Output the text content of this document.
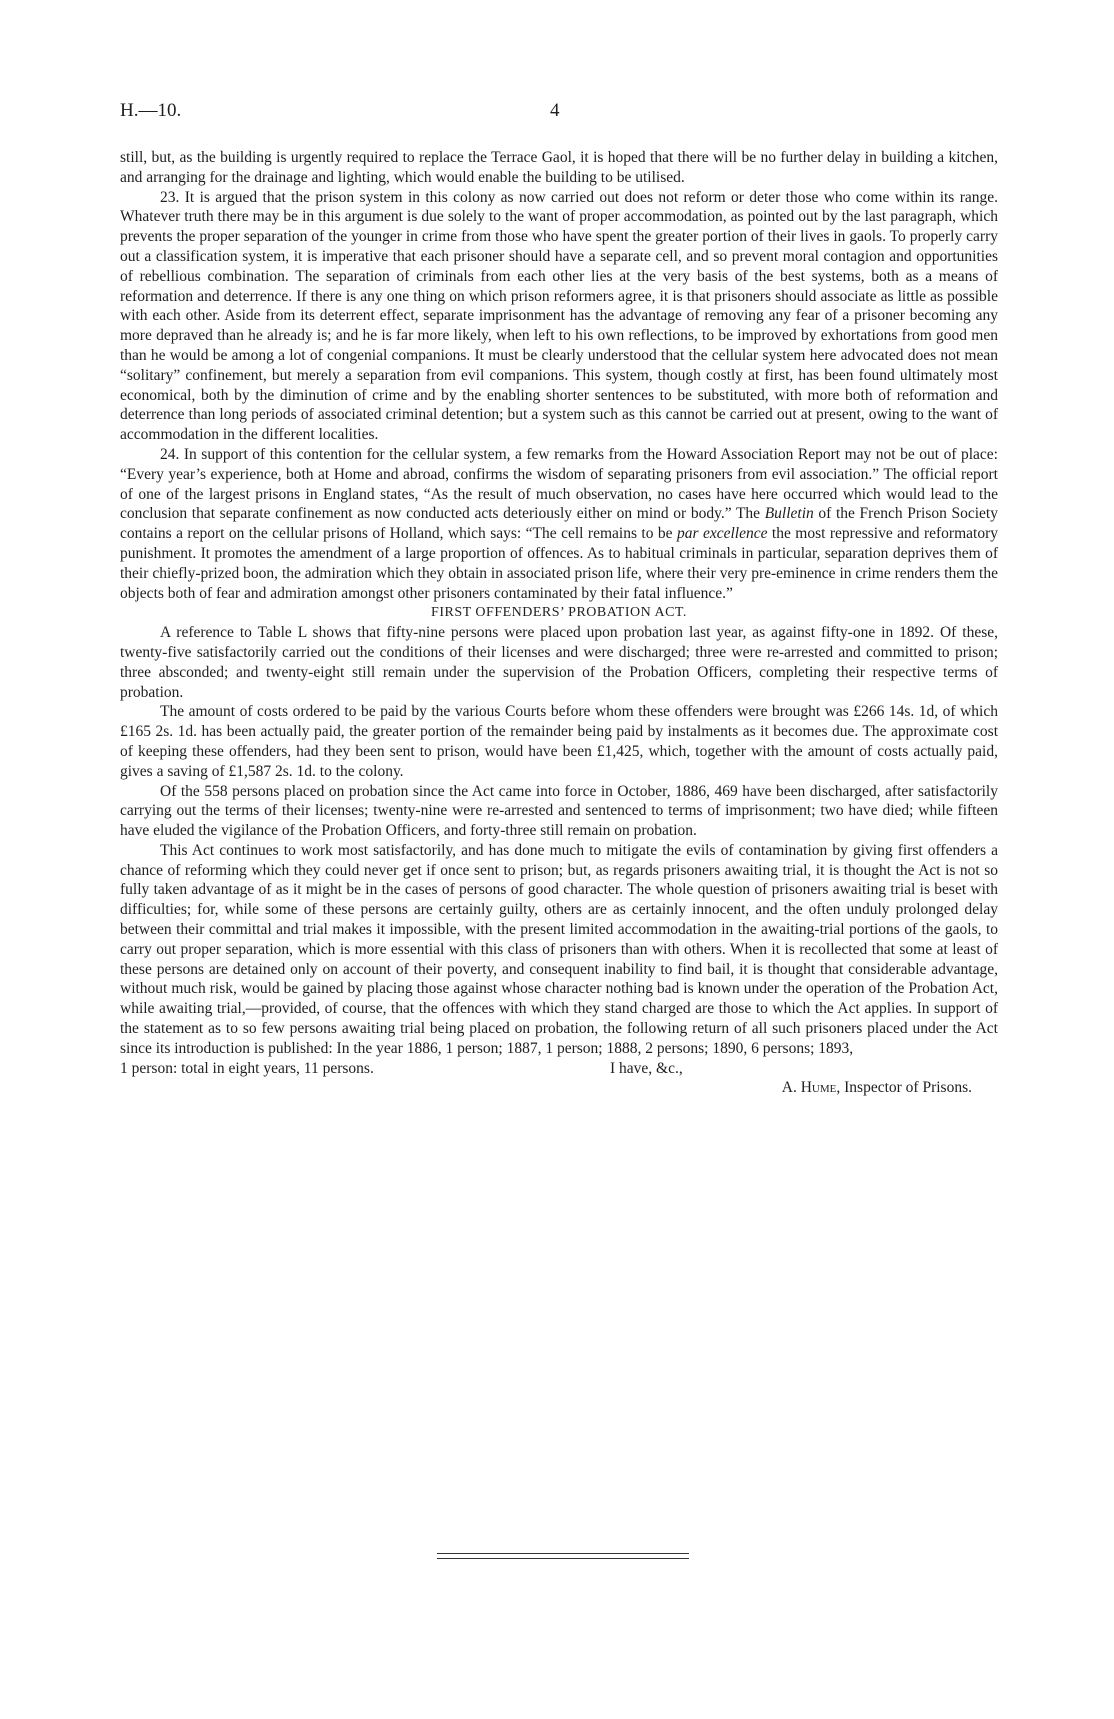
H.—10.	4

still, but, as the building is urgently required to replace the Terrace Gaol, it is hoped that there will be no further delay in building a kitchen, and arranging for the drainage and lighting, which would enable the building to be utilised.

23. It is argued that the prison system in this colony as now carried out does not reform or deter those who come within its range. Whatever truth there may be in this argument is due solely to the want of proper accommodation, as pointed out by the last paragraph, which prevents the proper separation of the younger in crime from those who have spent the greater portion of their lives in gaols. To properly carry out a classification system, it is imperative that each prisoner should have a separate cell, and so prevent moral contagion and opportunities of rebellious combination. The separation of criminals from each other lies at the very basis of the best systems, both as a means of reformation and deterrence. If there is any one thing on which prison reformers agree, it is that prisoners should associate as little as possible with each other. Aside from its deterrent effect, separate imprisonment has the advantage of removing any fear of a prisoner becoming any more depraved than he already is; and he is far more likely, when left to his own reflections, to be improved by exhortations from good men than he would be among a lot of congenial companions. It must be clearly understood that the cellular system here advocated does not mean “solitary” confinement, but merely a separation from evil companions. This system, though costly at first, has been found ultimately most economical, both by the diminution of crime and by the enabling shorter sentences to be substituted, with more both of reformation and deterrence than long periods of associated criminal detention; but a system such as this cannot be carried out at present, owing to the want of accommodation in the different localities.

24. In support of this contention for the cellular system, a few remarks from the Howard Association Report may not be out of place: “Every year’s experience, both at Home and abroad, confirms the wisdom of separating prisoners from evil association.” The official report of one of the largest prisons in England states, “As the result of much observation, no cases have here occurred which would lead to the conclusion that separate confinement as now conducted acts deteriously either on mind or body.” The Bulletin of the French Prison Society contains a report on the cellular prisons of Holland, which says: “The cell remains to be par excellence the most repressive and reformatory punishment. It promotes the amendment of a large proportion of offences. As to habitual criminals in particular, separation deprives them of their chiefly-prized boon, the admiration which they obtain in associated prison life, where their very pre-eminence in crime renders them the objects both of fear and admiration amongst other prisoners contaminated by their fatal influence.”

FIRST OFFENDERS’ PROBATION ACT.

A reference to Table L shows that fifty-nine persons were placed upon probation last year, as against fifty-one in 1892. Of these, twenty-five satisfactorily carried out the conditions of their licenses and were discharged; three were re-arrested and committed to prison; three absconded; and twenty-eight still remain under the supervision of the Probation Officers, completing their respective terms of probation.

The amount of costs ordered to be paid by the various Courts before whom these offenders were brought was £266 14s. 1d, of which £165 2s. 1d. has been actually paid, the greater portion of the remainder being paid by instalments as it becomes due. The approximate cost of keeping these offenders, had they been sent to prison, would have been £1,425, which, together with the amount of costs actually paid, gives a saving of £1,587 2s. 1d. to the colony.

Of the 558 persons placed on probation since the Act came into force in October, 1886, 469 have been discharged, after satisfactorily carrying out the terms of their licenses; twenty-nine were re-arrested and sentenced to terms of imprisonment; two have died; while fifteen have eluded the vigilance of the Probation Officers, and forty-three still remain on probation.

This Act continues to work most satisfactorily, and has done much to mitigate the evils of contamination by giving first offenders a chance of reforming which they could never get if once sent to prison; but, as regards prisoners awaiting trial, it is thought the Act is not so fully taken advantage of as it might be in the cases of persons of good character. The whole question of prisoners awaiting trial is beset with difficulties; for, while some of these persons are certainly guilty, others are as certainly innocent, and the often unduly prolonged delay between their committal and trial makes it impossible, with the present limited accommodation in the awaiting-trial portions of the gaols, to carry out proper separation, which is more essential with this class of prisoners than with others. When it is recollected that some at least of these persons are detained only on account of their poverty, and consequent inability to find bail, it is thought that considerable advantage, without much risk, would be gained by placing those against whose character nothing bad is known under the operation of the Probation Act, while awaiting trial,—provided, of course, that the offences with which they stand charged are those to which the Act applies. In support of the statement as to so few persons awaiting trial being placed on probation, the following return of all such prisoners placed under the Act since its introduction is published: In the year 1886, 1 person; 1887, 1 person; 1888, 2 persons; 1890, 6 persons; 1893,

1 person: total in eight years, 11 persons.	I have, &c.,
A. Hume, Inspector of Prisons.
